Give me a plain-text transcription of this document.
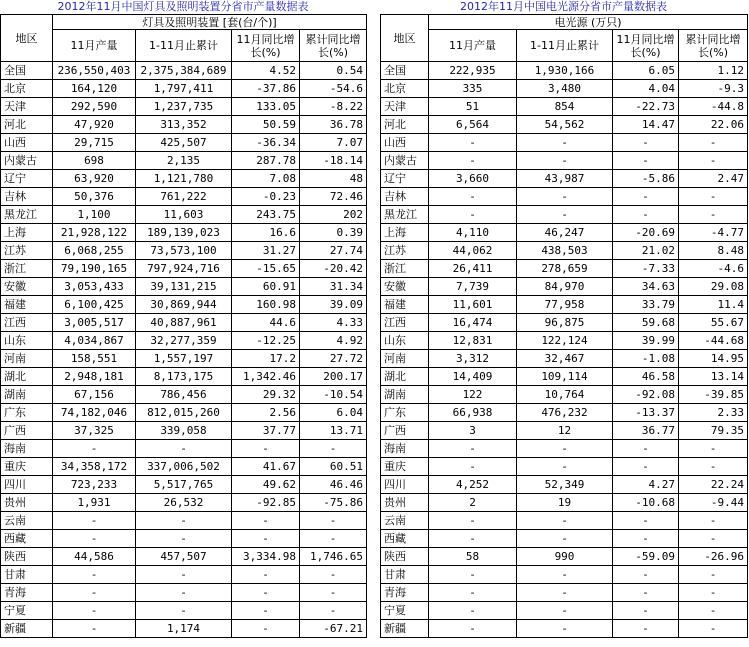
2012年11月中国灯具及照明装置分省市产量数据表
地区	灯具及照明装置 [套(台/个)]			
	11月产量	1-11月止累计	11月同比增长(%)	累计同比增长(%)
全国	236,550,403	2,375,384,689	4.52	0.54
北京	164,120	1,797,411	-37.86	-54.6
天津	292,590	1,237,735	133.05	-8.22
河北	47,920	313,352	50.59	36.78
山西	29,715	425,507	-36.34	7.07
内蒙古	698	2,135	287.78	-18.14
辽宁	63,920	1,121,780	7.08	48
吉林	50,376	761,222	-0.23	72.46
黑龙江	1,100	11,603	243.75	202
上海	21,928,122	189,139,023	16.6	0.39
江苏	6,068,255	73,573,100	31.27	27.74
浙江	79,190,165	797,924,716	-15.65	-20.42
安徽	3,053,433	39,131,215	60.91	31.34
福建	6,100,425	30,869,944	160.98	39.09
江西	3,005,517	40,887,961	44.6	4.33
山东	4,034,867	32,277,359	-12.25	4.92
河南	158,551	1,557,197	17.2	27.72
湖北	2,948,181	8,173,175	1,342.46	200.17
湖南	67,156	786,456	29.32	-10.54
广东	74,182,046	812,015,260	2.56	6.04
广西	37,325	339,058	37.77	13.71
海南	-	-	-	-
重庆	34,358,172	337,006,502	41.67	60.51
四川	723,233	5,517,765	49.62	46.46
贵州	1,931	26,532	-92.85	-75.86
云南	-	-	-	-
西藏	-	-	-	-
陕西	44,586	457,507	3,334.98	1,746.65
甘肃	-	-	-	-
青海	-	-	-	-
宁夏	-	-	-	-
新疆	-	1,174	-	-67.21
2012年11月中国电光源分省市产量数据表
地区	电光源 (万只)			
	11月产量	1-11月止累计	11月同比增长(%)	累计同比增长(%)
全国	222,935	1,930,166	6.05	1.12
北京	335	3,480	4.04	-9.3
天津	51	854	-22.73	-44.8
河北	6,564	54,562	14.47	22.06
山西	-	-	-	-
内蒙古	-	-	-	-
辽宁	3,660	43,987	-5.86	2.47
吉林	-	-	-	-
黑龙江	-	-	-	-
上海	4,110	46,247	-20.69	-4.77
江苏	44,062	438,503	21.02	8.48
浙江	26,411	278,659	-7.33	-4.6
安徽	7,739	84,970	34.63	29.08
福建	11,601	77,958	33.79	11.4
江西	16,474	96,875	59.68	55.67
山东	12,831	122,124	39.99	-44.68
河南	3,312	32,467	-1.08	14.95
湖北	14,409	109,114	46.58	13.14
湖南	122	10,764	-92.08	-39.85
广东	66,938	476,232	-13.37	2.33
广西	3	12	36.77	79.35
海南	-	-	-	-
重庆	-	-	-	-
四川	4,252	52,349	4.27	22.24
贵州	2	19	-10.68	-9.44
云南	-	-	-	-
西藏	-	-	-	-
陕西	58	990	-59.09	-26.96
甘肃	-	-	-	-
青海	-	-	-	-
宁夏	-	-	-	-
新疆	-	-	-	-
